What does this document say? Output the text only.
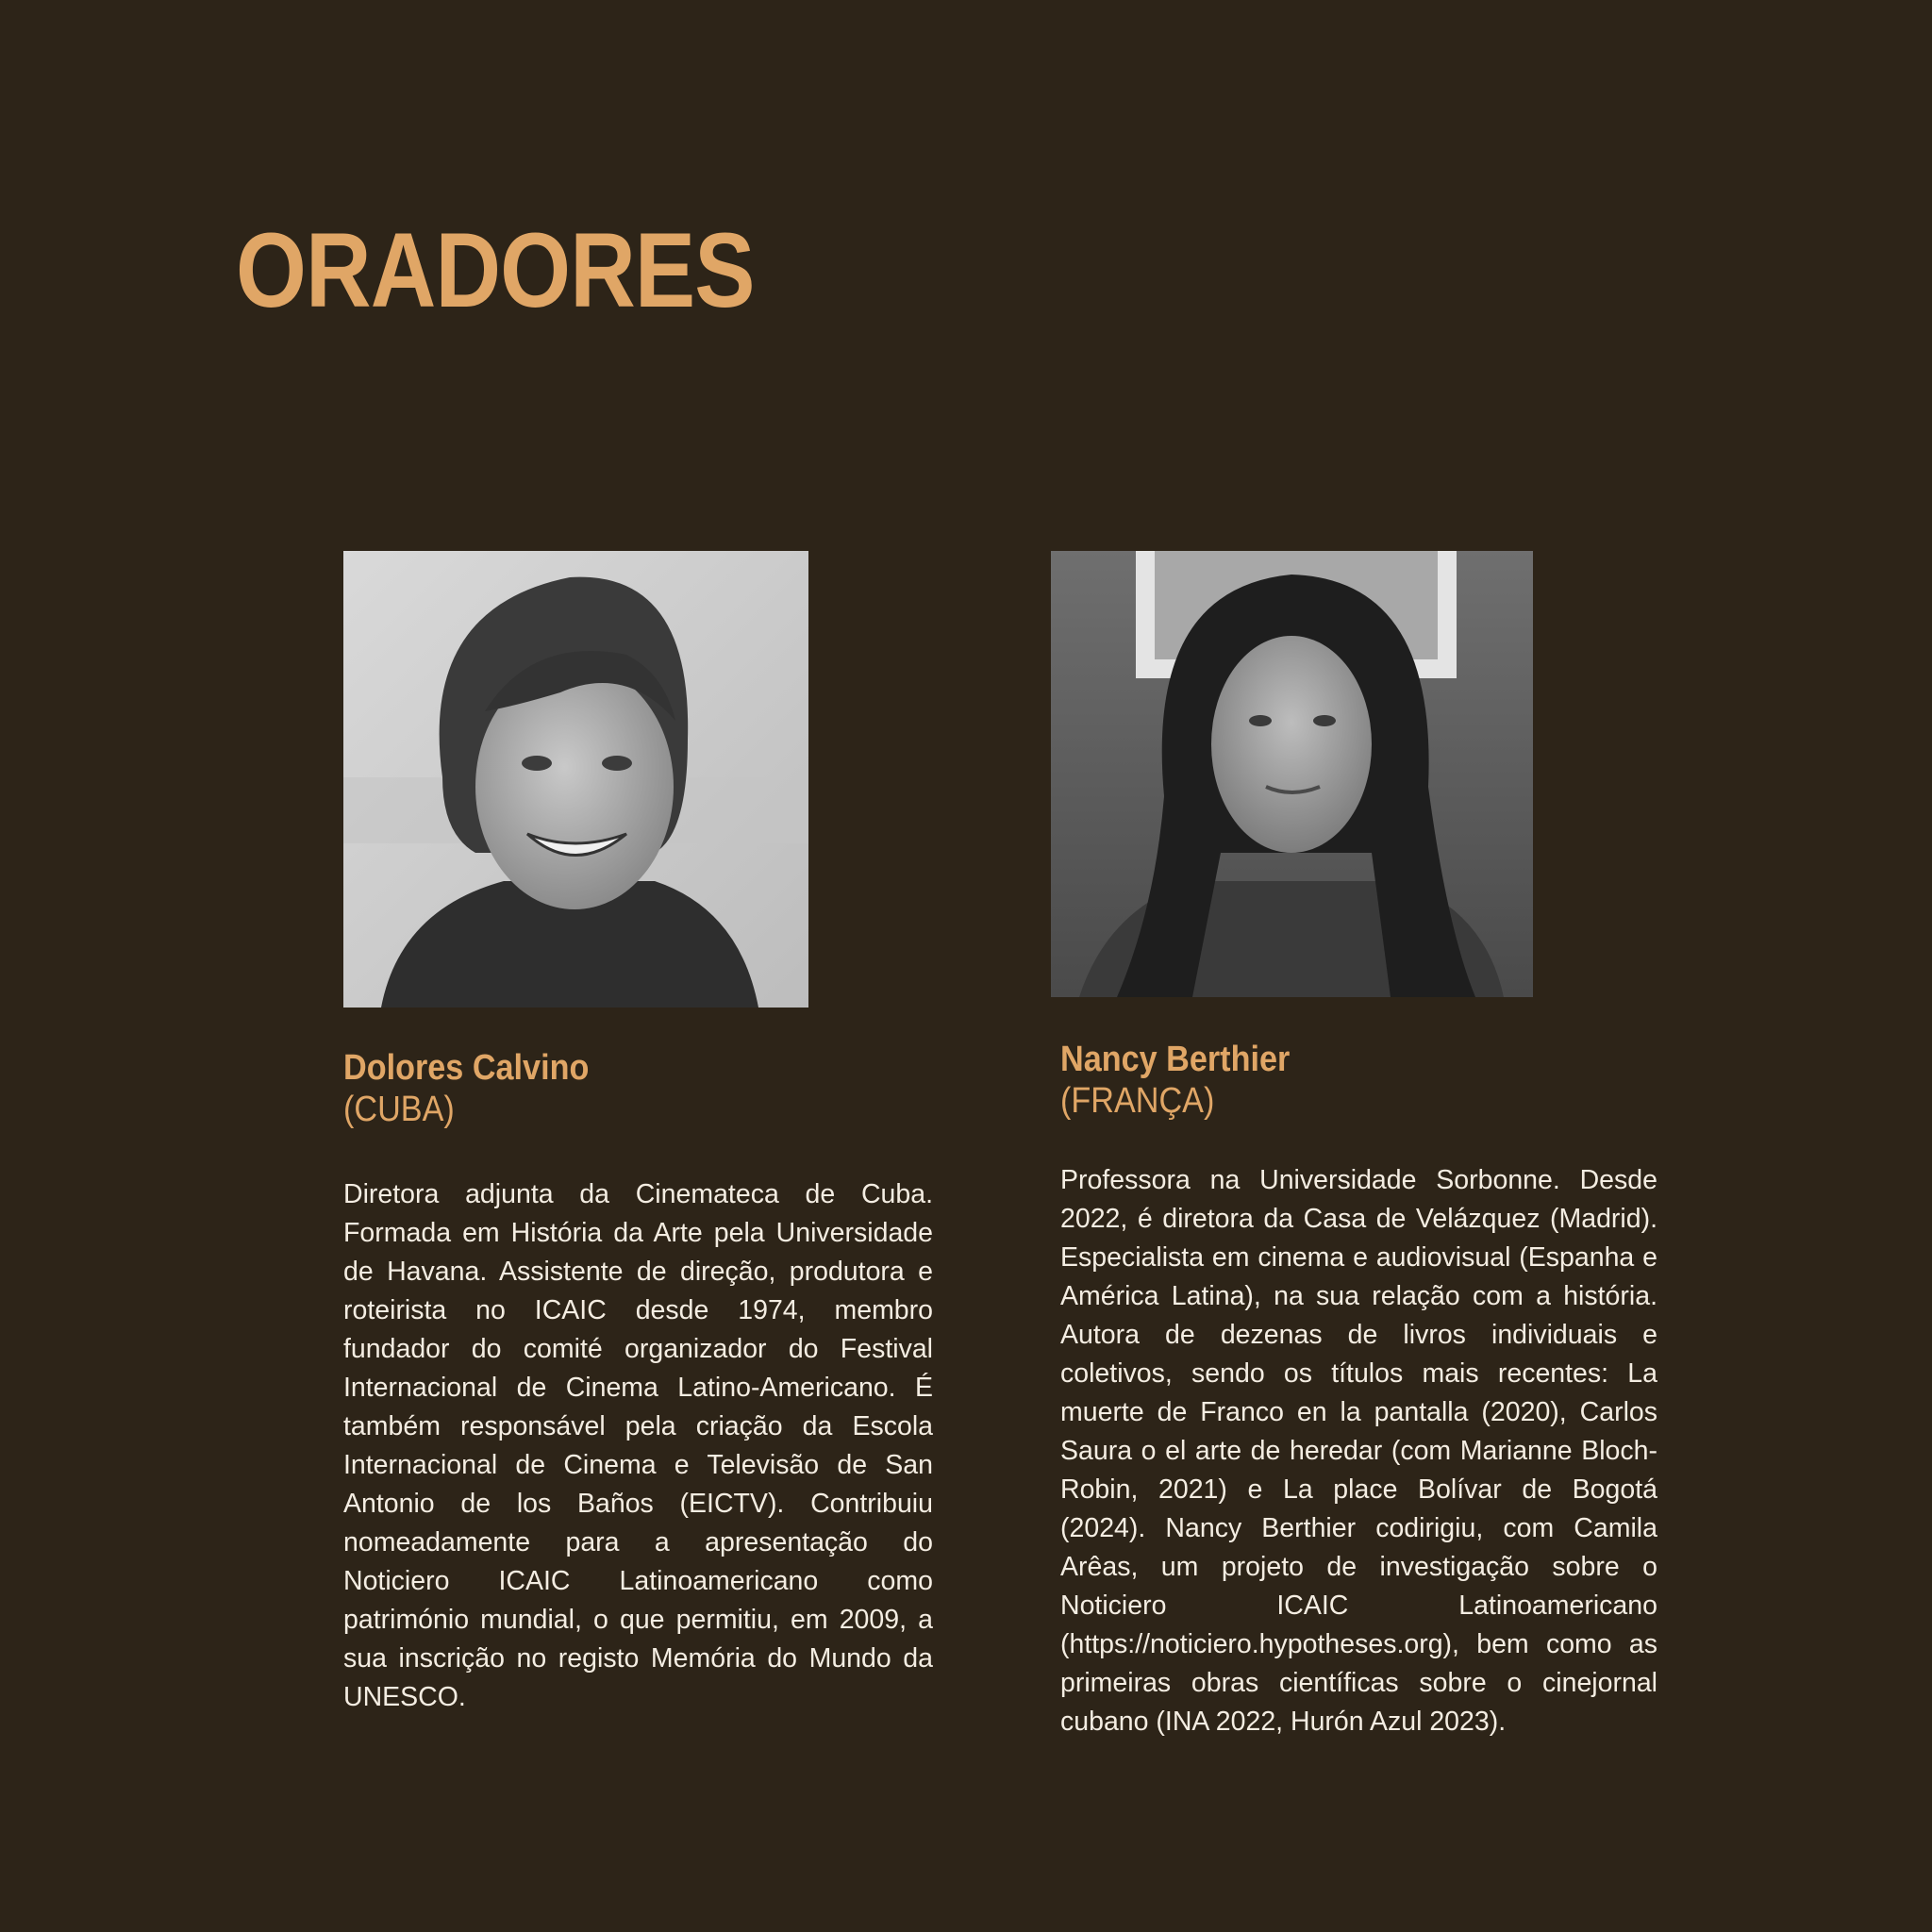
ORADORES

Dolores Calvino

(CUBA)

Diretora adjunta da Cinemateca de Cuba. Formada em História da Arte pela Universidade de Havana. Assistente de direção, produtora e roteirista no ICAIC desde 1974, membro fundador do comité organizador do Festival Internacional de Cinema Latino-Americano. É também responsável pela criação da Escola Internacional de Cinema e Televisão de San Antonio de los Baños (EICTV). Contribuiu nomeadamente para a apresentação do Noticiero ICAIC Latinoamericano como património mundial, o que permitiu, em 2009, a sua inscrição no registo Memória do Mundo da UNESCO.

Nancy Berthier

(FRANÇA)

Professora na Universidade Sorbonne. Desde 2022, é diretora da Casa de Velázquez (Madrid). Especialista em cinema e audiovisual (Espanha e América Latina), na sua relação com a história. Autora de dezenas de livros individuais e coletivos, sendo os títulos mais recentes: La muerte de Franco en la pantalla (2020), Carlos Saura o el arte de heredar (com Marianne Bloch-Robin, 2021) e La place Bolívar de Bogotá (2024). Nancy Berthier codirigiu, com Camila Arêas, um projeto de investigação sobre o Noticiero ICAIC Latinoamericano (https://noticiero.hypotheses.org), bem como as primeiras obras científicas sobre o cinejornal cubano (INA 2022, Hurón Azul 2023).
